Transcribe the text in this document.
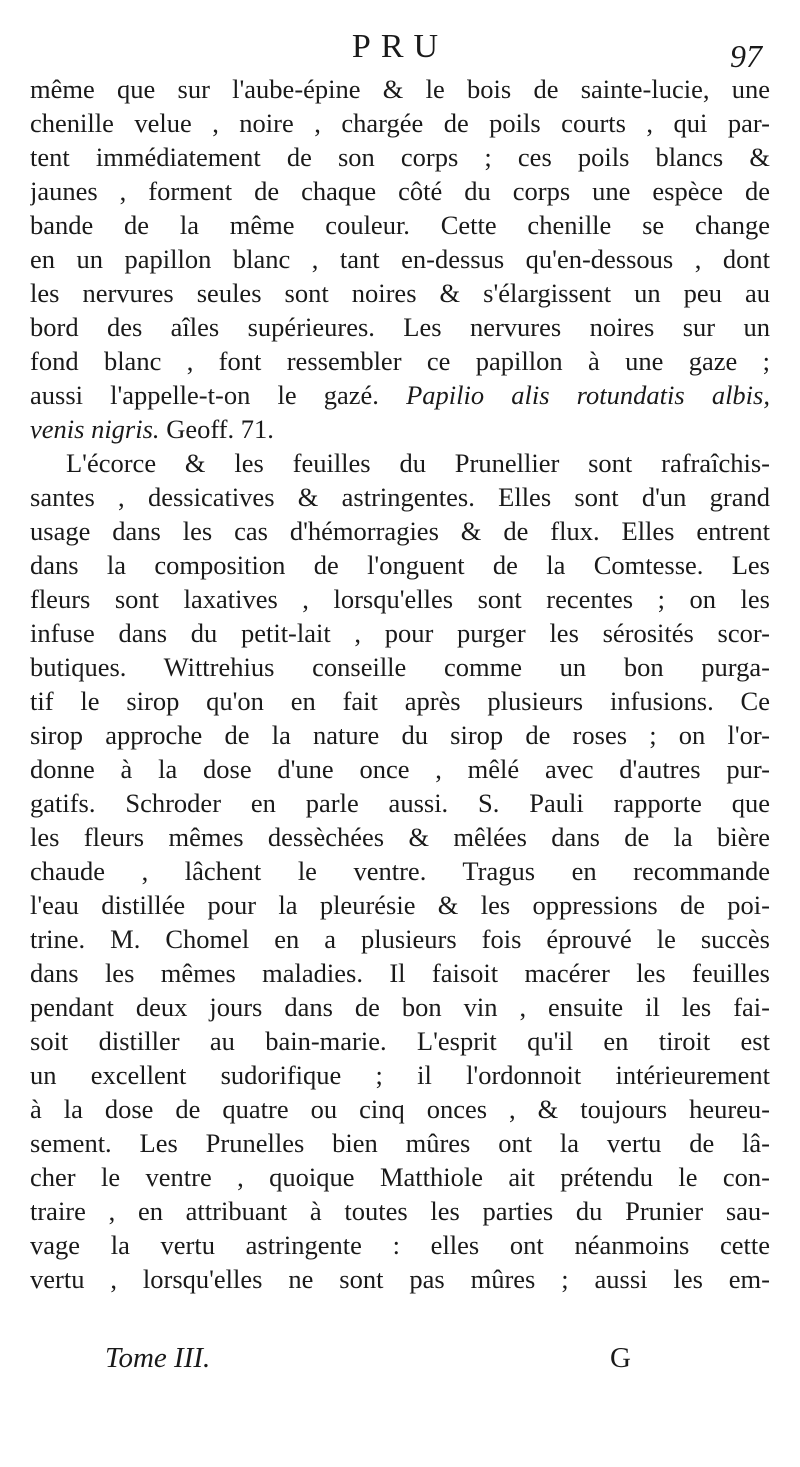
PRU	97
même que sur l'aube-épine & le bois de sainte-lucie, une
chenille velue , noire , chargée de poils courts , qui par-
tent immédiatement de son corps ; ces poils blancs &
jaunes , forment de chaque côté du corps une espèce de
bande de la même couleur. Cette chenille se change
en un papillon blanc , tant en-dessus qu'en-dessous , dont
les nervures seules sont noires & s'élargissent un peu au
bord des aîles supérieures. Les nervures noires sur un
fond blanc , font ressembler ce papillon à une gaze ;
aussi l'appelle-t-on le gazé. Papilio alis rotundatis albis,
venis nigris. Geoff. 71.
L'écorce & les feuilles du Prunellier sont rafraîchis-
santes , dessicatives & astringentes. Elles sont d'un grand
usage dans les cas d'hémorragies & de flux. Elles entrent
dans la composition de l'onguent de la Comtesse. Les
fleurs sont laxatives , lorsqu'elles sont recentes ; on les
infuse dans du petit-lait , pour purger les sérosités scor-
butiques. Wittrehius conseille comme un bon purga-
tif le sirop qu'on en fait après plusieurs infusions. Ce
sirop approche de la nature du sirop de roses ; on l'or-
donne à la dose d'une once , mêlé avec d'autres pur-
gatifs. Schroder en parle aussi. S. Pauli rapporte que
les fleurs mêmes dessèchées & mêlées dans de la bière
chaude , lâchent le ventre. Tragus en recommande
l'eau distillée pour la pleurésie & les oppressions de poi-
trine. M. Chomel en a plusieurs fois éprouvé le succès
dans les mêmes maladies. Il faisoit macérer les feuilles
pendant deux jours dans de bon vin , ensuite il les fai-
soit distiller au bain-marie. L'esprit qu'il en tiroit est
un excellent sudorifique ; il l'ordonnoit intérieurement
à la dose de quatre ou cinq onces , & toujours heureu-
sement. Les Prunelles bien mûres ont la vertu de lâ-
cher le ventre , quoique Matthiole ait prétendu le con-
traire , en attribuant à toutes les parties du Prunier sau-
vage la vertu astringente : elles ont néanmoins cette
vertu , lorsqu'elles ne sont pas mûres ; aussi les em-
Tome III.	G
